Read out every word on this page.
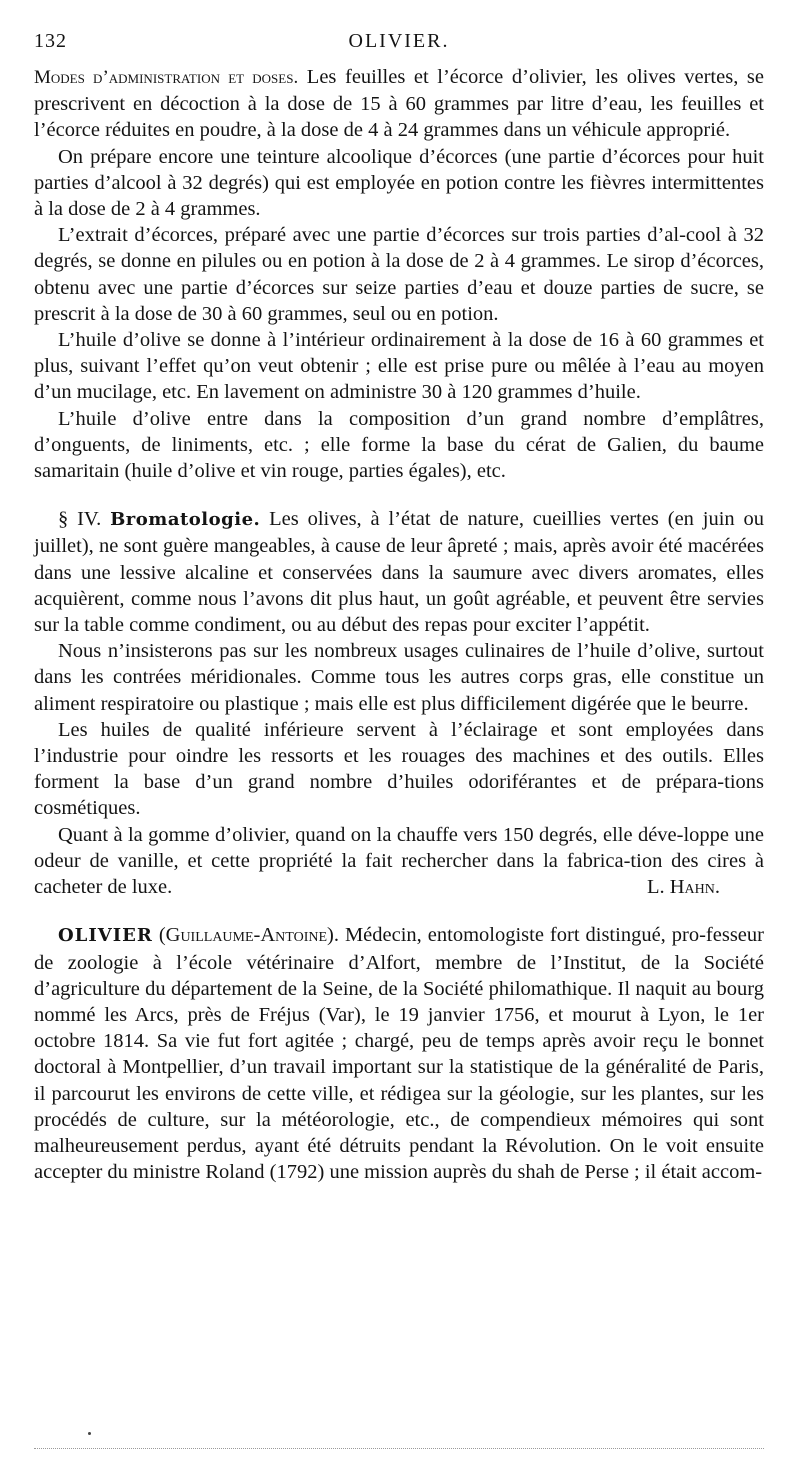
132	OLIVIER.

Modes d’administration et doses. Les feuilles et l’écorce d’olivier, les olives vertes, se prescrivent en décoction à la dose de 15 à 60 grammes par litre d’eau, les feuilles et l’écorce réduites en poudre, à la dose de 4 à 24 grammes dans un véhicule approprié.

On prépare encore une teinture alcoolique d’écorces (une partie d’écorces pour huit parties d’alcool à 32 degrés) qui est employée en potion contre les fièvres intermittentes à la dose de 2 à 4 grammes.

L’extrait d’écorces, préparé avec une partie d’écorces sur trois parties d’al-cool à 32 degrés, se donne en pilules ou en potion à la dose de 2 à 4 grammes. Le sirop d’écorces, obtenu avec une partie d’écorces sur seize parties d’eau et douze parties de sucre, se prescrit à la dose de 30 à 60 grammes, seul ou en potion.

L’huile d’olive se donne à l’intérieur ordinairement à la dose de 16 à 60 grammes et plus, suivant l’effet qu’on veut obtenir ; elle est prise pure ou mêlée à l’eau au moyen d’un mucilage, etc. En lavement on administre 30 à 120 grammes d’huile.

L’huile d’olive entre dans la composition d’un grand nombre d’emplâtres, d’onguents, de liniments, etc. ; elle forme la base du cérat de Galien, du baume samaritain (huile d’olive et vin rouge, parties égales), etc.

§ IV. Bromatologie. Les olives, à l’état de nature, cueillies vertes (en juin ou juillet), ne sont guère mangeables, à cause de leur âpreté ; mais, après avoir été macérées dans une lessive alcaline et conservées dans la saumure avec divers aromates, elles acquièrent, comme nous l’avons dit plus haut, un goût agréable, et peuvent être servies sur la table comme condiment, ou au début des repas pour exciter l’appétit.

Nous n’insisterons pas sur les nombreux usages culinaires de l’huile d’olive, surtout dans les contrées méridionales. Comme tous les autres corps gras, elle constitue un aliment respiratoire ou plastique ; mais elle est plus difficilement digérée que le beurre.

Les huiles de qualité inférieure servent à l’éclairage et sont employées dans l’industrie pour oindre les ressorts et les rouages des machines et des outils. Elles forment la base d’un grand nombre d’huiles odoriférantes et de prépara-tions cosmétiques.

Quant à la gomme d’olivier, quand on la chauffe vers 150 degrés, elle déve-loppe une odeur de vanille, et cette propriété la fait rechercher dans la fabrica-tion des cires à cacheter de luxe.	L. Hahn.

OLIVIER (Guillaume-Antoine). Médecin, entomologiste fort distingué, pro-fesseur de zoologie à l’école vétérinaire d’Alfort, membre de l’Institut, de la Société d’agriculture du département de la Seine, de la Société philomathique. Il naquit au bourg nommé les Arcs, près de Fréjus (Var), le 19 janvier 1756, et mourut à Lyon, le 1er octobre 1814. Sa vie fut fort agitée ; chargé, peu de temps après avoir reçu le bonnet doctoral à Montpellier, d’un travail important sur la statistique de la généralité de Paris, il parcourut les environs de cette ville, et rédigea sur la géologie, sur les plantes, sur les procédés de culture, sur la météorologie, etc., de compendieux mémoires qui sont malheureusement perdus, ayant été détruits pendant la Révolution. On le voit ensuite accepter du ministre Roland (1792) une mission auprès du shah de Perse ; il était accom-
